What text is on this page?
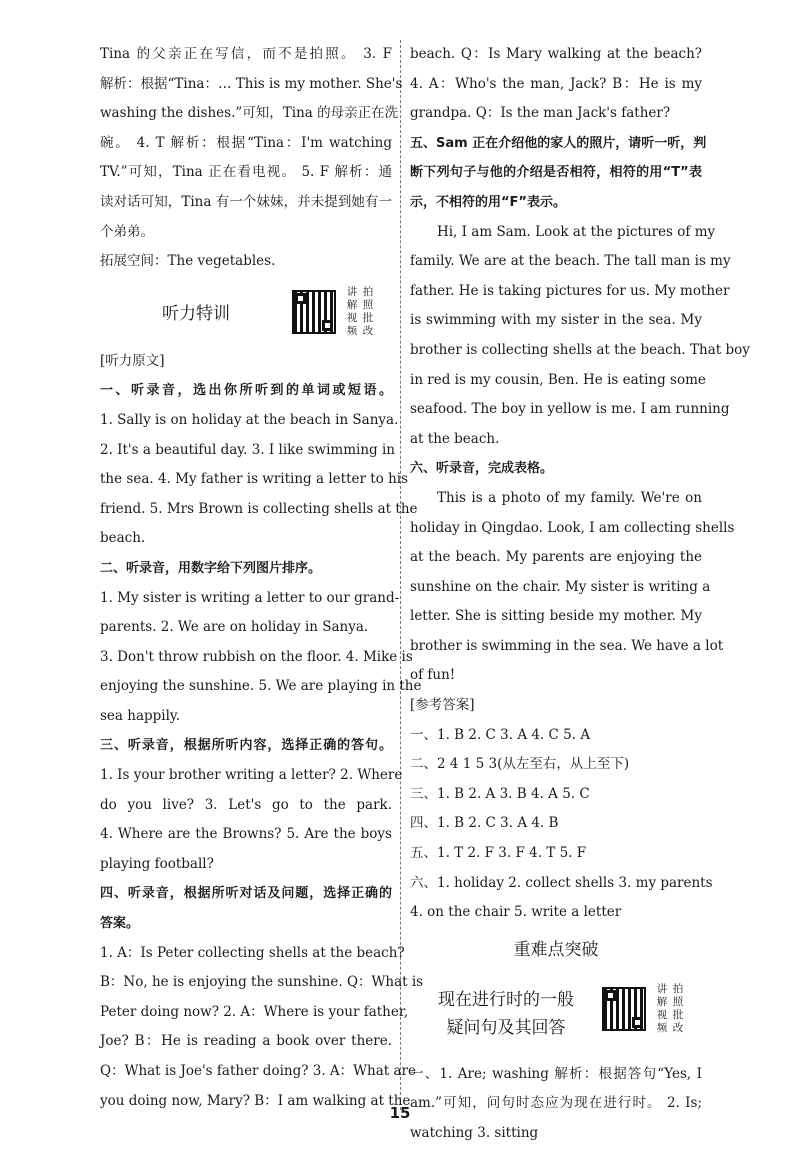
Tina 的父亲正在写信，而不是拍照。 3. F
解析：根据“Tina：… This is my mother. She's
washing the dishes.”可知，Tina 的母亲正在洗
碗。 4. T 解析：根据“Tina：I'm watching
TV.”可知，Tina 正在看电视。 5. F 解析：通
读对话可知，Tina 有一个妹妹，并未提到她有一
个弟弟。
拓展空间：The vegetables.
听力特训
讲 拍
解 照
视 批
频 改
[听力原文]
一、听录音，选出你所听到的单词或短语。
1. Sally is on holiday at the beach in Sanya.
2. It's a beautiful day. 3. I like swimming in
the sea. 4. My father is writing a letter to his
friend. 5. Mrs Brown is collecting shells at the
beach.
二、听录音，用数字给下列图片排序。
1. My sister is writing a letter to our grand-
parents. 2. We are on holiday in Sanya.
3. Don't throw rubbish on the floor. 4. Mike is
enjoying the sunshine. 5. We are playing in the
sea happily.
三、听录音，根据所听内容，选择正确的答句。
1. Is your brother writing a letter? 2. Where
do you live? 3. Let's go to the park.
4. Where are the Browns? 5. Are the boys
playing football?
四、听录音，根据所听对话及问题，选择正确的
答案。
1. A：Is Peter collecting shells at the beach?
B：No, he is enjoying the sunshine. Q：What is
Peter doing now? 2. A：Where is your father,
Joe? B：He is reading a book over there.
Q：What is Joe's father doing? 3. A：What are
you doing now, Mary? B：I am walking at the
beach. Q：Is Mary walking at the beach?
4. A：Who's the man, Jack? B：He is my
grandpa. Q：Is the man Jack's father?
五、Sam 正在介绍他的家人的照片，请听一听，判
断下列句子与他的介绍是否相符，相符的用“T”表
示，不相符的用“F”表示。
Hi, I am Sam. Look at the pictures of my
family. We are at the beach. The tall man is my
father. He is taking pictures for us. My mother
is swimming with my sister in the sea. My
brother is collecting shells at the beach. That boy
in red is my cousin, Ben. He is eating some
seafood. The boy in yellow is me. I am running
at the beach.
六、听录音，完成表格。
This is a photo of my family. We're on
holiday in Qingdao. Look, I am collecting shells
at the beach. My parents are enjoying the
sunshine on the chair. My sister is writing a
letter. She is sitting beside my mother. My
brother is swimming in the sea. We have a lot
of fun!
[参考答案]
一、1. B 2. C 3. A 4. C 5. A
二、2 4 1 5 3(从左至右，从上至下)
三、1. B 2. A 3. B 4. A 5. C
四、1. B 2. C 3. A 4. B
五、1. T 2. F 3. F 4. T 5. F
六、1. holiday 2. collect shells 3. my parents
4. on the chair 5. write a letter
重难点突破
现在进行时的一般
疑问句及其回答
讲 拍
解 照
视 批
频 改
一、1. Are; washing 解析：根据答句“Yes, I
am.”可知，问句时态应为现在进行时。 2. Is;
watching 3. sitting
15
